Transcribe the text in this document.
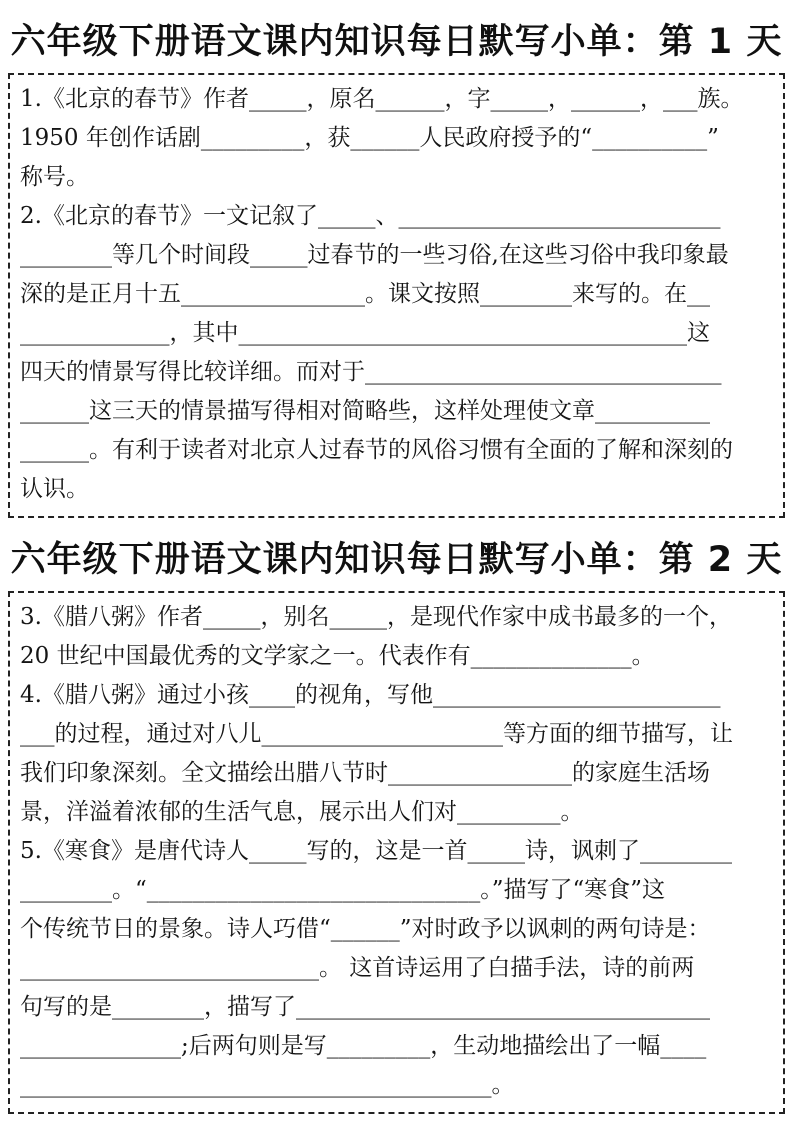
六年级下册语文课内知识每日默写小单：第 1 天
1.《北京的春节》作者_____，原名______，字_____，______，___族。
1950 年创作话剧_________，获______人民政府授予的“__________”
称号。
2.《北京的春节》一文记叙了_____、____________________________
________等几个时间段_____过春节的一些习俗,在这些习俗中我印象最
深的是正月十五________________。课文按照________来写的。在__
_____________，其中_______________________________________这
四天的情景写得比较详细。而对于_______________________________
______这三天的情景描写得相对简略些，这样处理使文章__________
______。有利于读者对北京人过春节的风俗习惯有全面的了解和深刻的
认识。
六年级下册语文课内知识每日默写小单：第 2 天
3.《腊八粥》作者_____，别名_____，是现代作家中成书最多的一个，
20 世纪中国最优秀的文学家之一。代表作有______________。
4.《腊八粥》通过小孩____的视角，写他_________________________
___的过程，通过对八儿_____________________等方面的细节描写，让
我们印象深刻。全文描绘出腊八节时________________的家庭生活场
景，洋溢着浓郁的生活气息，展示出人们对_________。
5.《寒食》是唐代诗人_____写的，这是一首_____诗，讽刺了________
________。“_____________________________。”描写了“寒食”这
个传统节日的景象。诗人巧借“______”对时政予以讽刺的两句诗是：
__________________________。 这首诗运用了白描手法，诗的前两
句写的是________，描写了____________________________________
______________;后两句则是写_________，生动地描绘出了一幅____
_________________________________________。
